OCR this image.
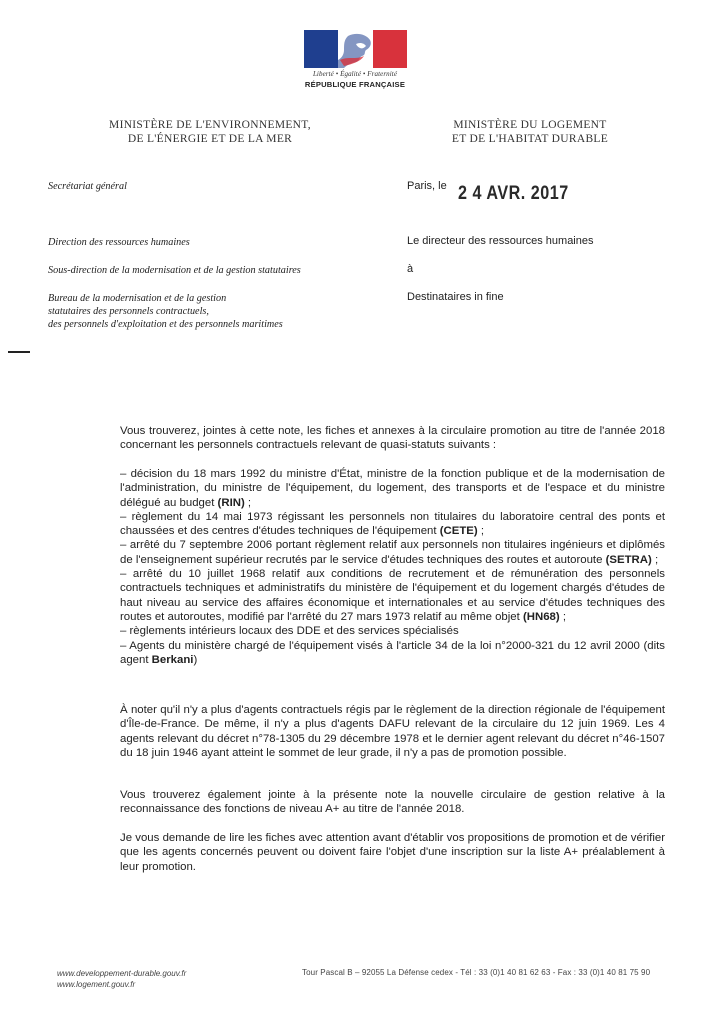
Liberté • Égalité • Fraternité
RÉPUBLIQUE FRANÇAISE
MINISTÈRE DE L'ENVIRONNEMENT,
DE L'ÉNERGIE ET DE LA MER
MINISTÈRE DU LOGEMENT
ET DE L'HABITAT DURABLE
Secrétariat général
Direction des ressources humaines
Sous-direction de la modernisation et de la gestion statutaires
Bureau de la modernisation et de la gestion
statutaires des personnels contractuels,
des personnels d'exploitation et des personnels maritimes
Paris, le 2 4 AVR. 2017
Le directeur des ressources humaines
à
Destinataires in fine

Vous trouverez, jointes à cette note, les fiches et annexes à la circulaire promotion au titre de l'année 2018 concernant les personnels contractuels relevant de quasi-statuts suivants :

– décision du 18 mars 1992 du ministre d'État, ministre de la fonction publique et de la modernisation de l'administration, du ministre de l'équipement, du logement, des transports et de l'espace et du ministre délégué au budget (RIN) ;
– règlement du 14 mai 1973 régissant les personnels non titulaires du laboratoire central des ponts et chaussées et des centres d'études techniques de l'équipement (CETE) ;
– arrêté du 7 septembre 2006 portant règlement relatif aux personnels non titulaires ingénieurs et diplômés de l'enseignement supérieur recrutés par le service d'études techniques des routes et autoroute (SETRA) ;
– arrêté du 10 juillet 1968 relatif aux conditions de recrutement et de rémunération des personnels contractuels techniques et administratifs du ministère de l'équipement et du logement chargés d'études de haut niveau au service des affaires économique et internationales et au service d'études techniques des routes et autoroutes, modifié par l'arrêté du 27 mars 1973 relatif au même objet (HN68) ;
– règlements intérieurs locaux des DDE et des services spécialisés
– Agents du ministère chargé de l'équipement visés à l'article 34 de la loi n°2000-321 du 12 avril 2000 (dits agent Berkani)

À noter qu'il n'y a plus d'agents contractuels régis par le règlement de la direction régionale de l'équipement d'Île-de-France. De même, il n'y a plus d'agents DAFU relevant de la circulaire du 12 juin 1969. Les 4 agents relevant du décret n°78-1305 du 29 décembre 1978 et le dernier agent relevant du décret n°46-1507 du 18 juin 1946 ayant atteint le sommet de leur grade, il n'y a pas de promotion possible.

Vous trouverez également jointe à la présente note la nouvelle circulaire de gestion relative à la reconnaissance des fonctions de niveau A+ au titre de l'année 2018.

Je vous demande de lire les fiches avec attention avant d'établir vos propositions de promotion et de vérifier que les agents concernés peuvent ou doivent faire l'objet d'une inscription sur la liste A+ préalablement à leur promotion.

www.developpement-durable.gouv.fr
www.logement.gouv.fr
Tour Pascal B – 92055 La Défense cedex - Tél : 33 (0)1 40 81 62 63 - Fax : 33 (0)1 40 81 75 90
